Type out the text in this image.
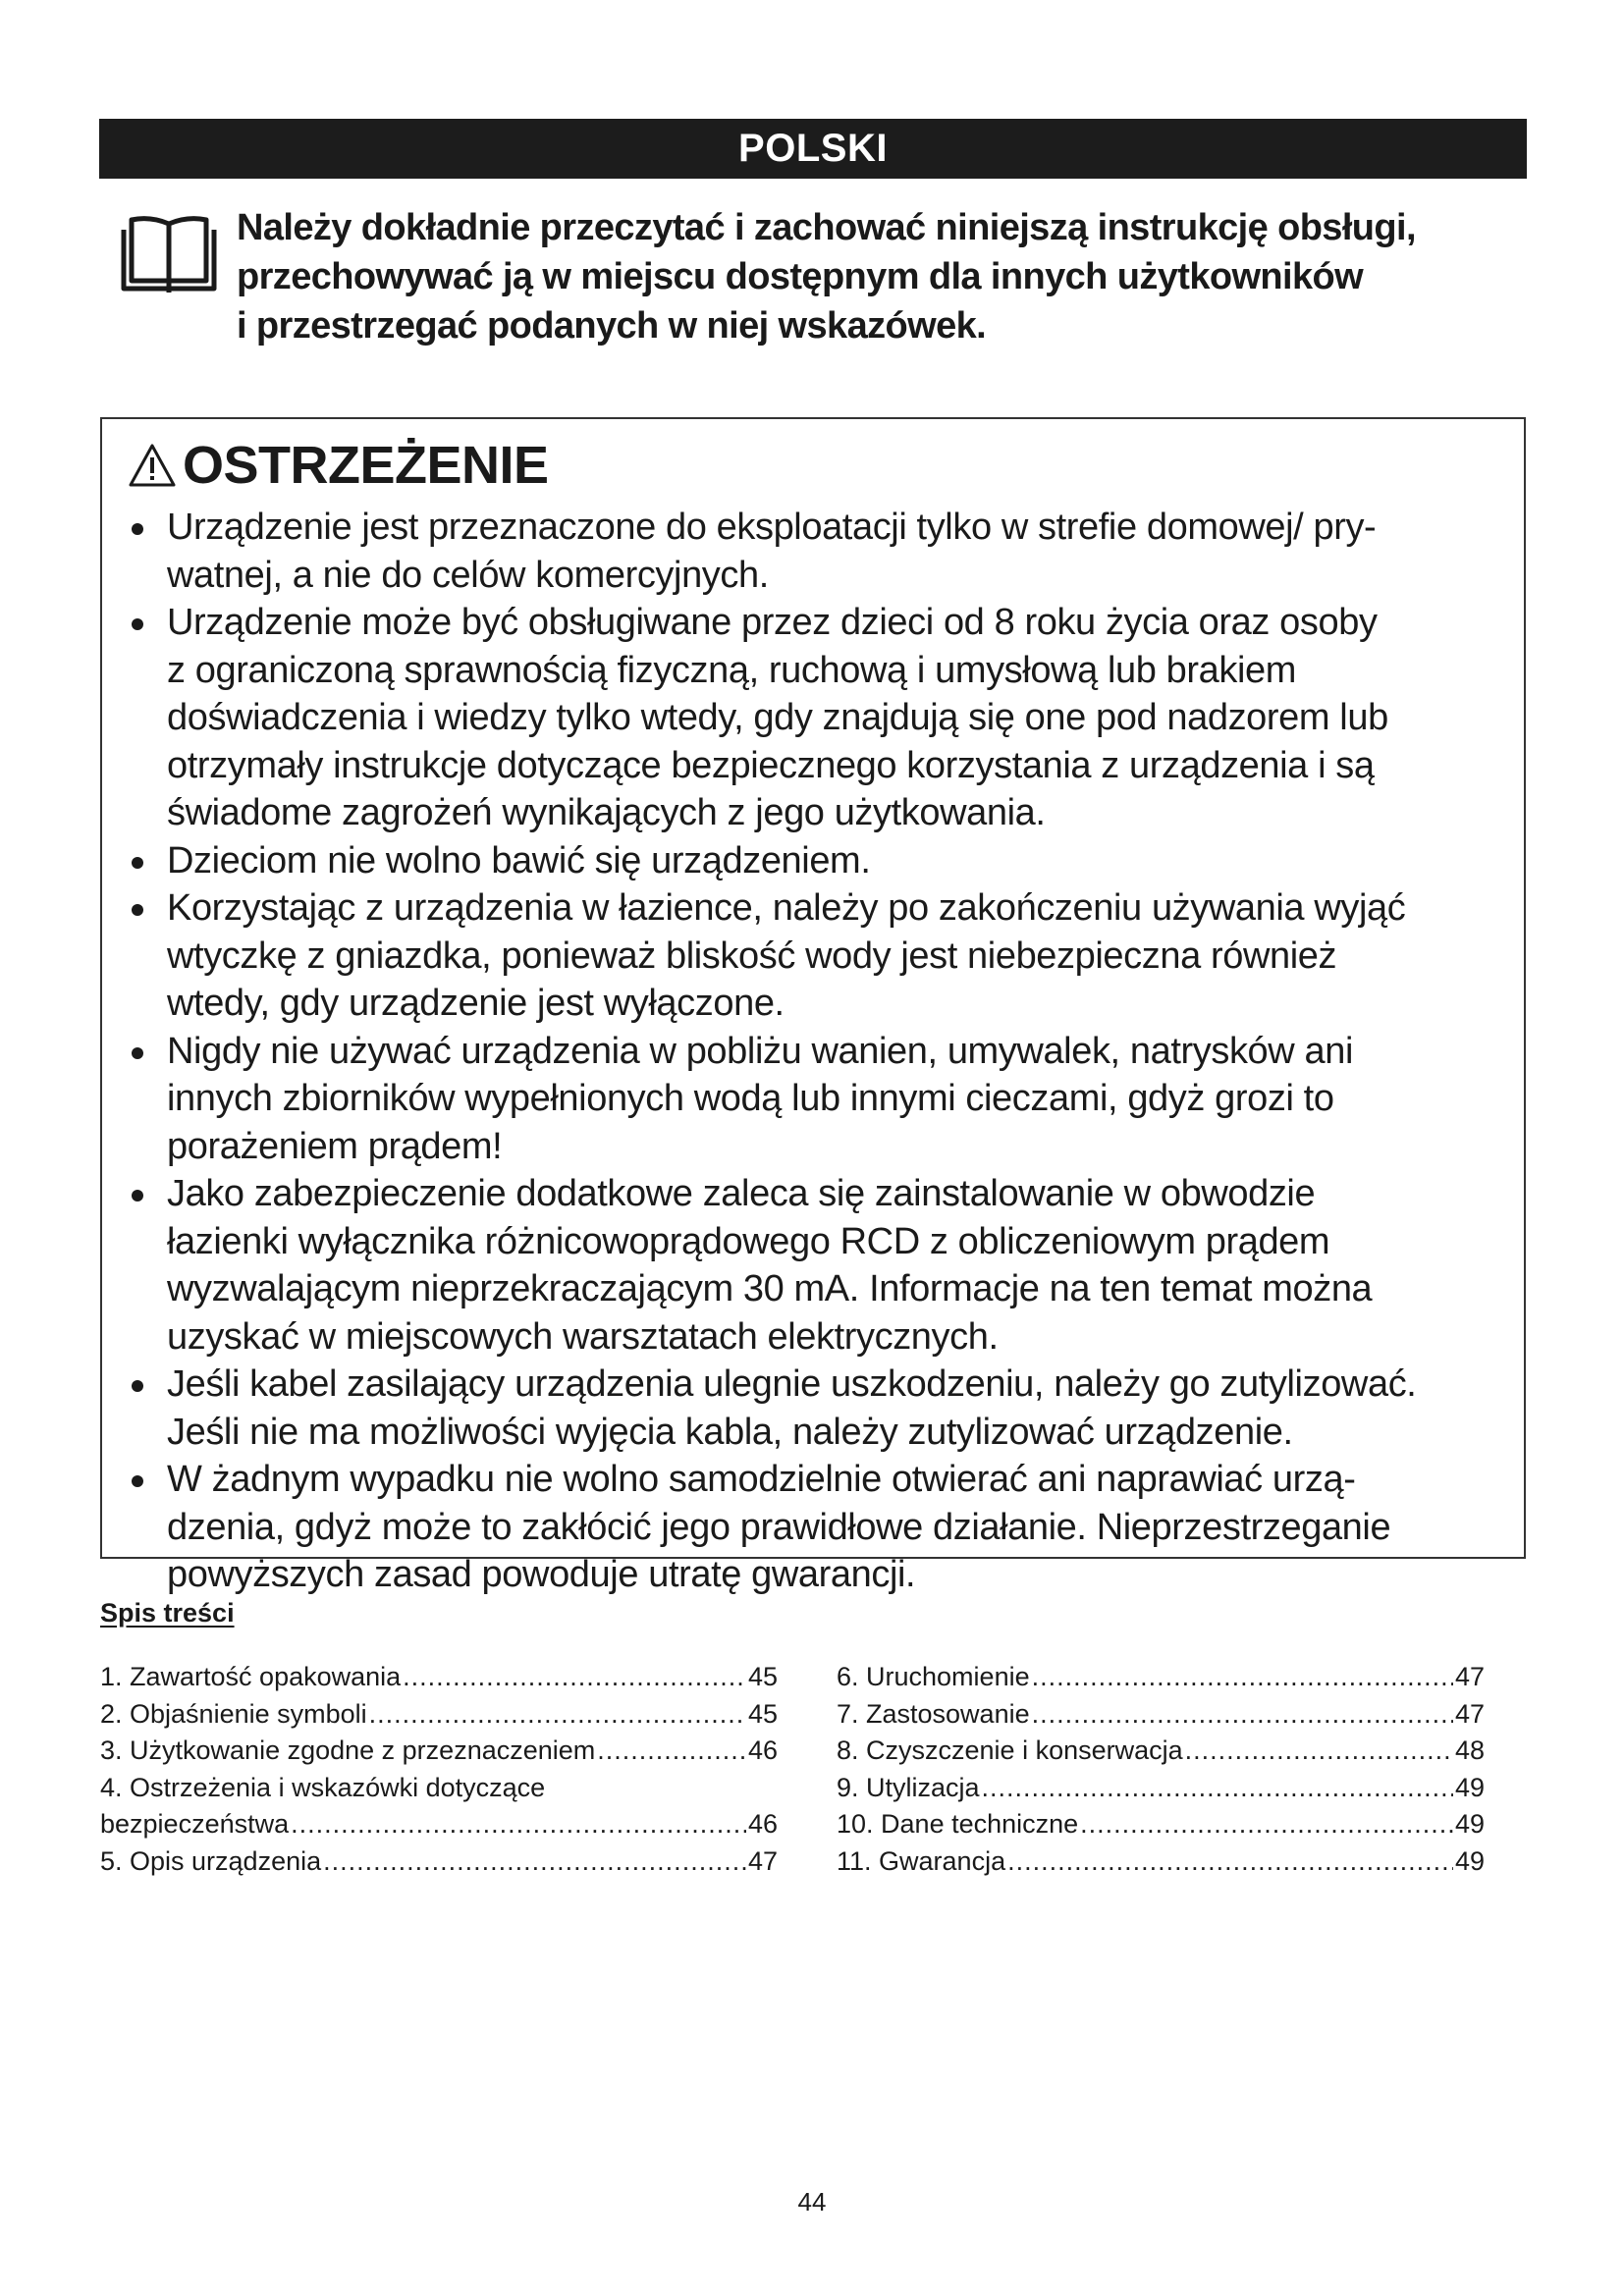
POLSKI

Należy dokładnie przeczytać i zachować niniejszą instrukcję obsługi,
przechowywać ją w miejscu dostępnym dla innych użytkowników
i przestrzegać podanych w niej wskazówek.

OSTRZEŻENIE
Urządzenie jest przeznaczone do eksploatacji tylko w strefie domowej/ pry-
watnej, a nie do celów komercyjnych.
Urządzenie może być obsługiwane przez dzieci od 8 roku życia oraz osoby
z ograniczoną sprawnością fizyczną, ruchową i umysłową lub brakiem
doświadczenia i wiedzy tylko wtedy, gdy znajdują się one pod nadzorem lub
otrzymały instrukcje dotyczące bezpiecznego korzystania z urządzenia i są
świadome zagrożeń wynikających z jego użytkowania.
Dzieciom nie wolno bawić się urządzeniem.
Korzystając z urządzenia w łazience, należy po zakończeniu używania wyjąć
wtyczkę z gniazdka, ponieważ bliskość wody jest niebezpieczna również
wtedy, gdy urządzenie jest wyłączone.
Nigdy nie używać urządzenia w pobliżu wanien, umywalek, natrysków ani
innych zbiorników wypełnionych wodą lub innymi cieczami, gdyż grozi to
porażeniem prądem!
Jako zabezpieczenie dodatkowe zaleca się zainstalowanie w obwodzie
łazienki wyłącznika różnicowoprądowego RCD z obliczeniowym prądem
wyzwalającym nieprzekraczającym 30 mA. Informacje na ten temat można
uzyskać w miejscowych warsztatach elektrycznych.
Jeśli kabel zasilający urządzenia ulegnie uszkodzeniu, należy go zutylizować.
Jeśli nie ma możliwości wyjęcia kabla, należy zutylizować urządzenie.
W żadnym wypadku nie wolno samodzielnie otwierać ani naprawiać urzą-
dzenia, gdyż może to zakłócić jego prawidłowe działanie. Nieprzestrzeganie
powyższych zasad powoduje utratę gwarancji.
Spis treści
1. Zawartość opakowania .....	45
2. Objaśnienie symboli .....	45
3. Użytkowanie zgodne z przeznaczeniem .....	46
4. Ostrzeżenia i wskazówki dotyczące
bezpieczeństwa .....	46
5. Opis urządzenia .....	47
6. Uruchomienie .....	47
7. Zastosowanie .....	47
8. Czyszczenie i konserwacja .....	48
9. Utylizacja .....	49
10. Dane techniczne .....	49
11. Gwarancja .....	49
44
